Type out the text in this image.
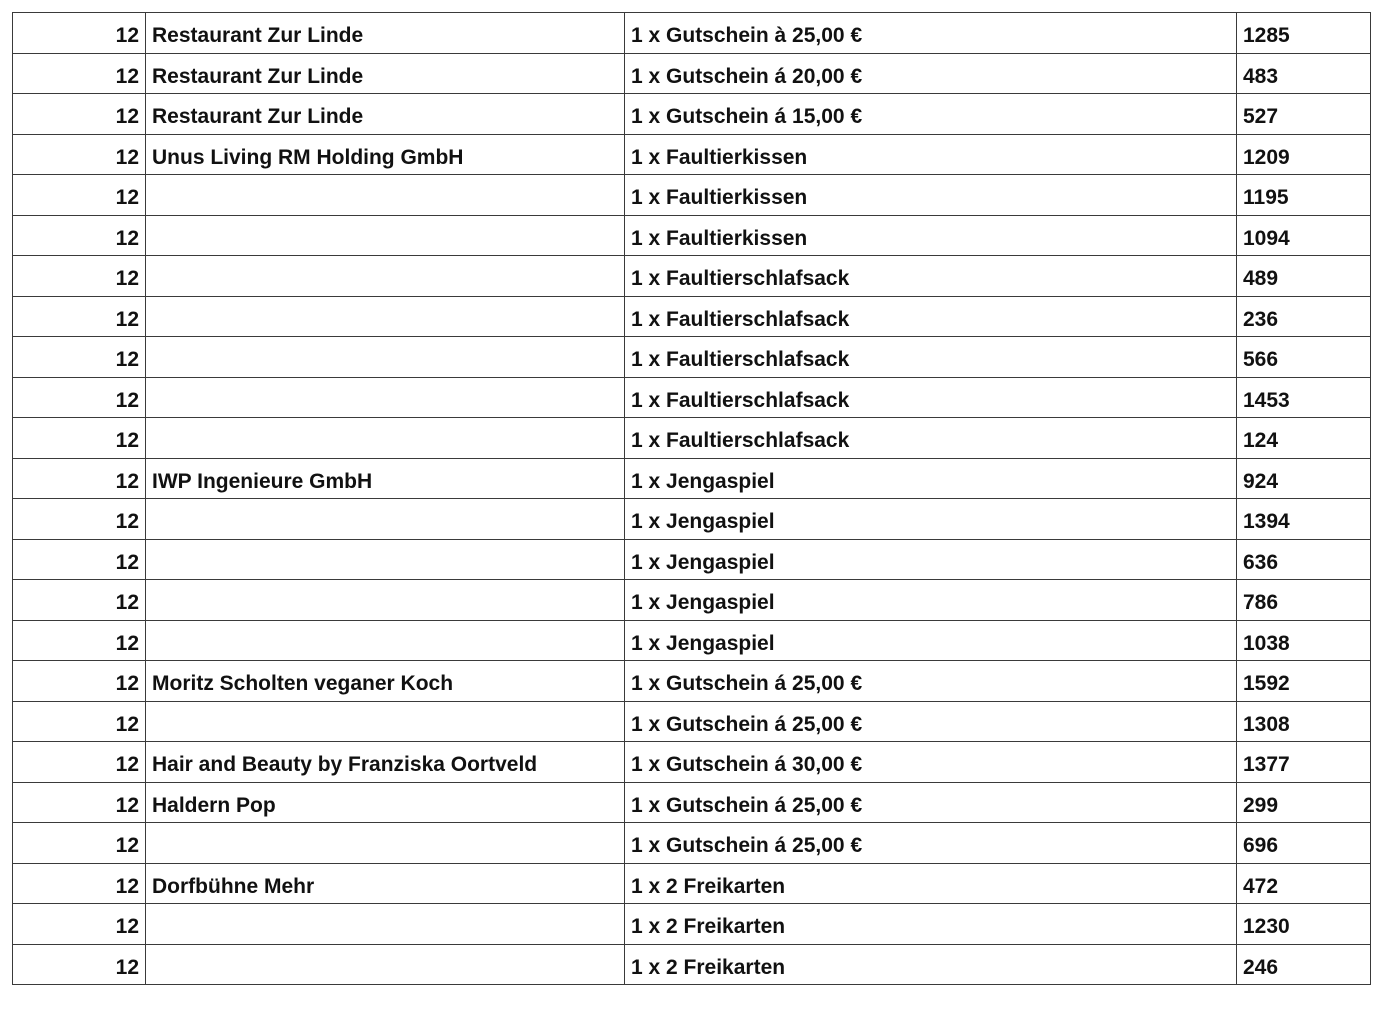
12	Restaurant Zur Linde	1 x Gutschein à 25,00 €	1285
12	Restaurant Zur Linde	1 x Gutschein á 20,00 €	483
12	Restaurant Zur Linde	1 x Gutschein á 15,00 €	527
12	Unus Living RM Holding GmbH	1 x Faultierkissen	1209
12		1 x Faultierkissen	1195
12		1 x Faultierkissen	1094
12		1 x Faultierschlafsack	489
12		1 x Faultierschlafsack	236
12		1 x Faultierschlafsack	566
12		1 x Faultierschlafsack	1453
12		1 x Faultierschlafsack	124
12	IWP Ingenieure GmbH	1 x Jengaspiel	924
12		1 x Jengaspiel	1394
12		1 x Jengaspiel	636
12		1 x Jengaspiel	786
12		1 x Jengaspiel	1038
12	Moritz Scholten veganer Koch	1 x Gutschein á 25,00 €	1592
12		1 x Gutschein á 25,00 €	1308
12	Hair and Beauty by Franziska Oortveld	1 x Gutschein á 30,00 €	1377
12	Haldern Pop	1 x Gutschein á 25,00 €	299
12		1 x Gutschein á 25,00 €	696
12	Dorfbühne Mehr	1 x 2 Freikarten	472
12		1 x 2 Freikarten	1230
12		1 x 2 Freikarten	246
